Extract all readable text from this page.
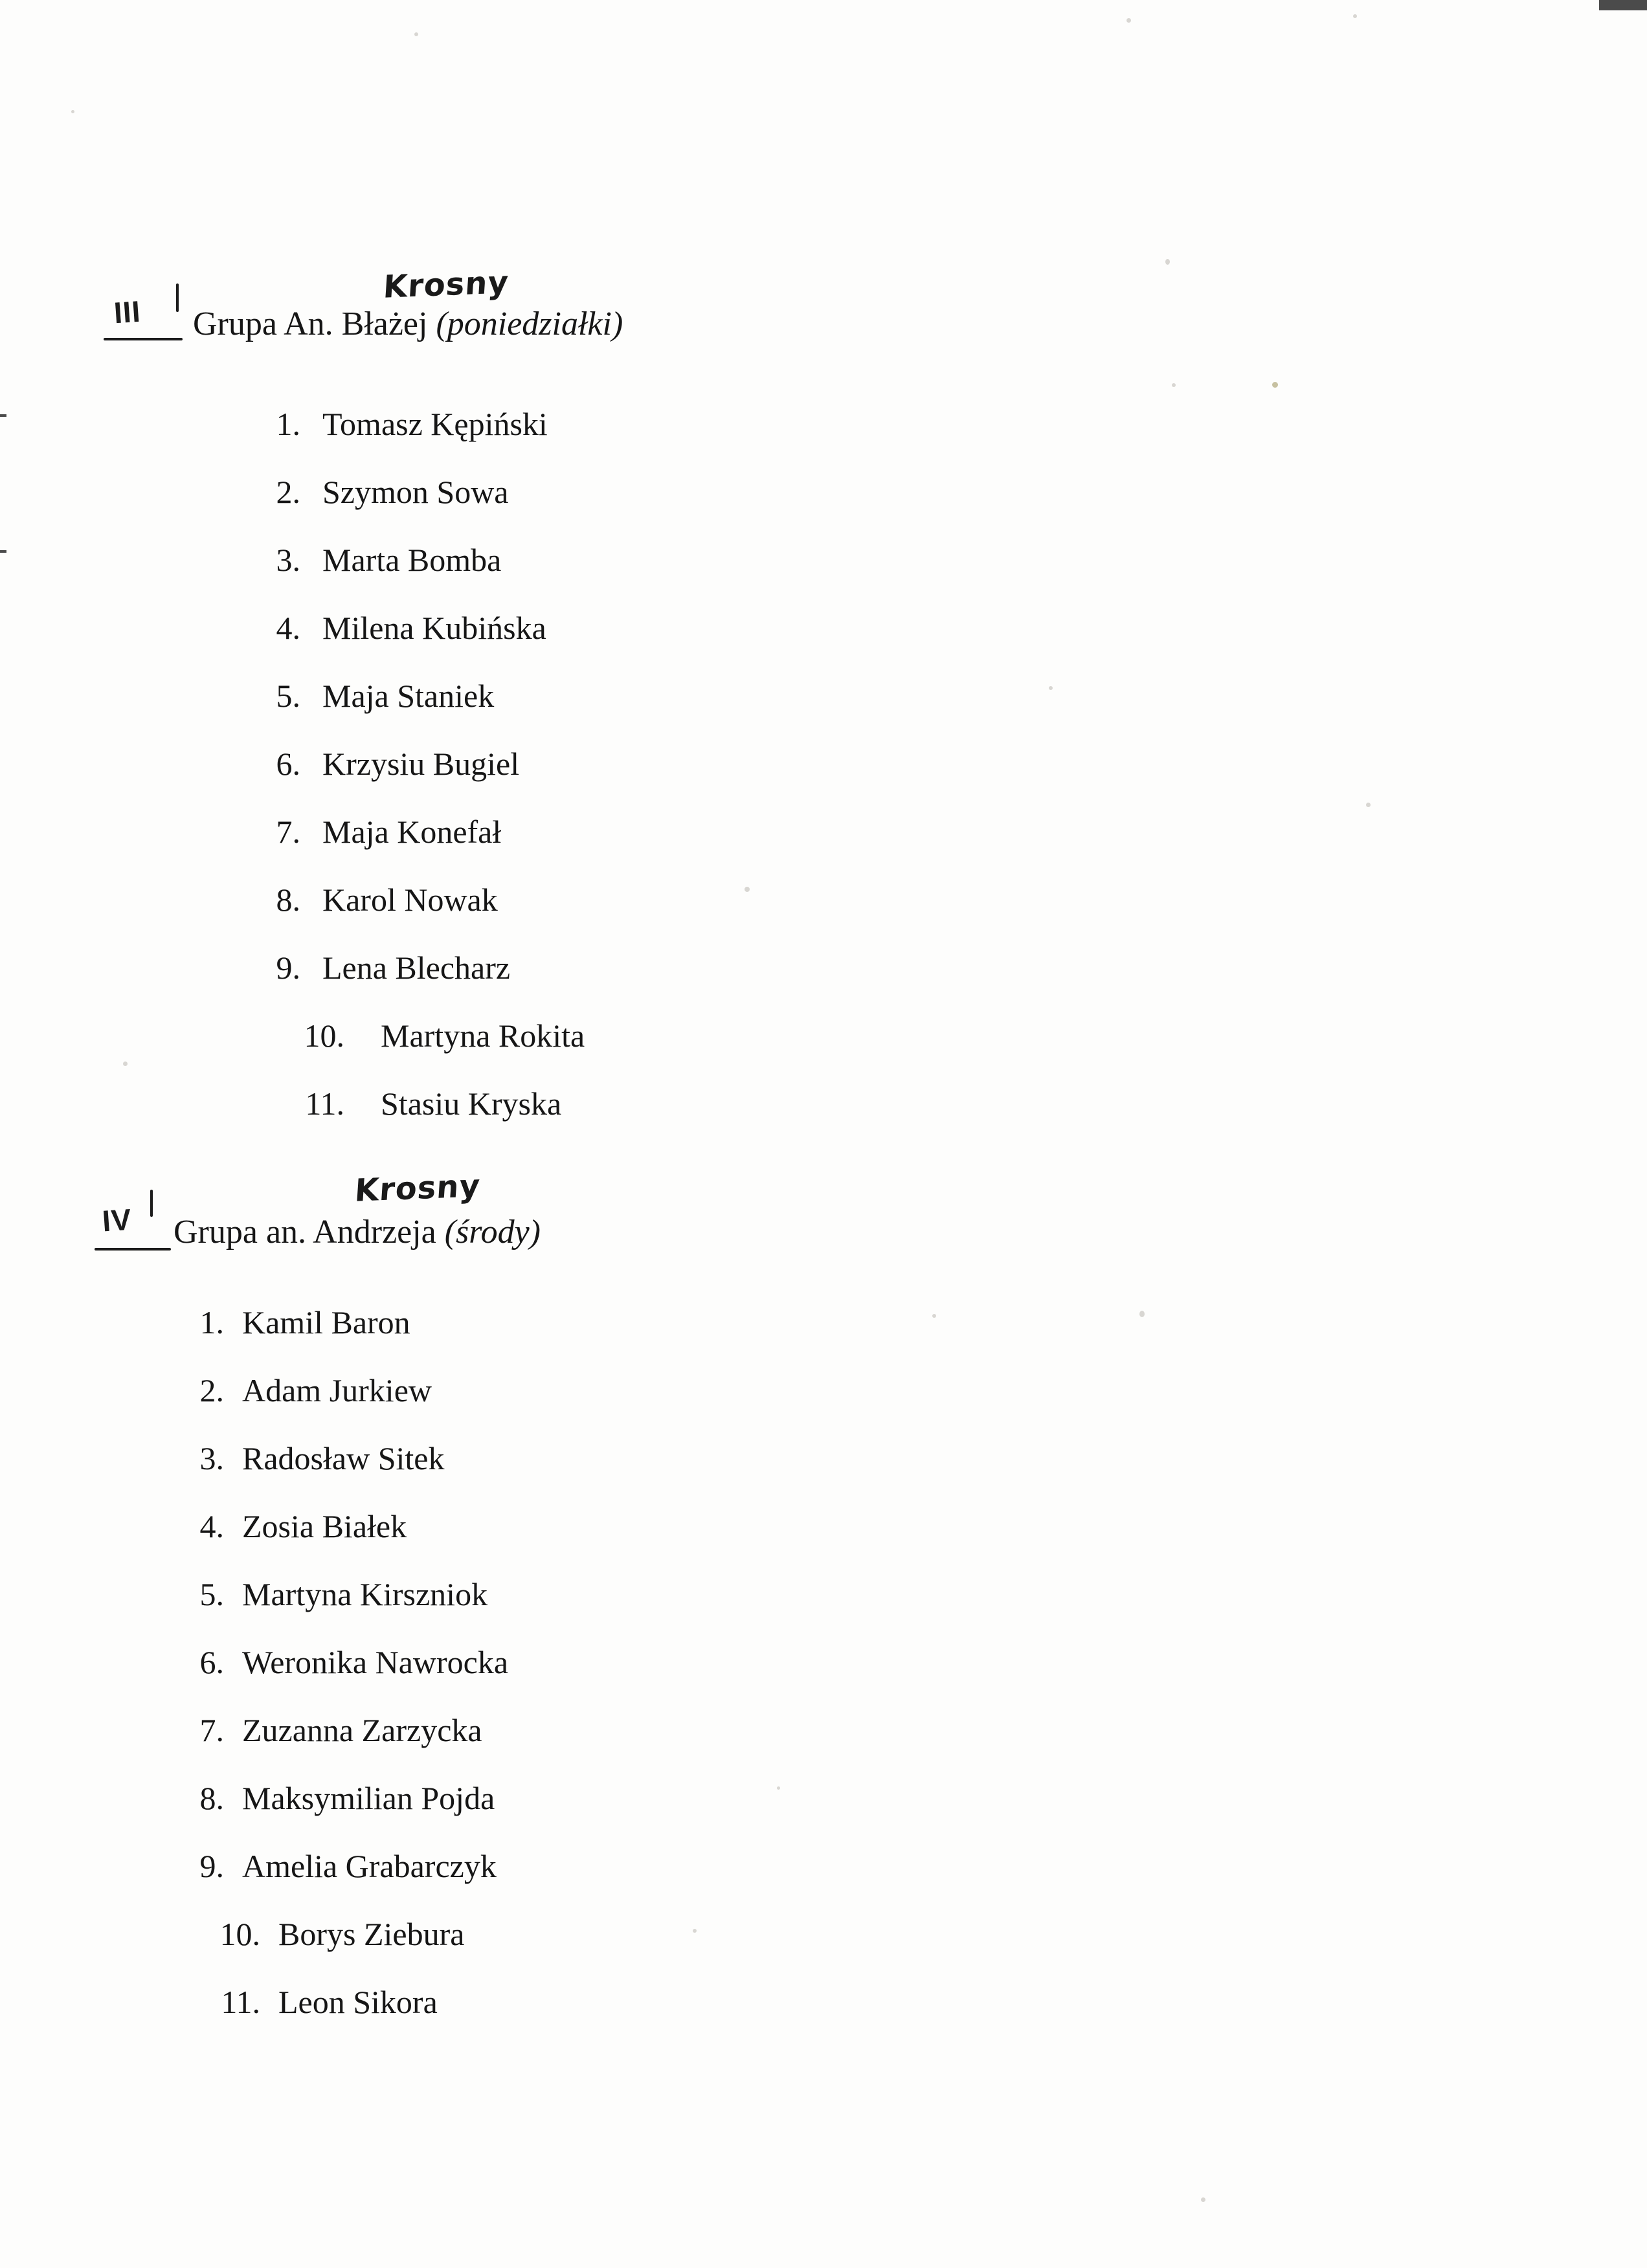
III
Krosny
Grupa An. Błażej (poniedziałki)
1. Tomasz Kępiński
2. Szymon Sowa
3. Marta Bomba
4. Milena Kubińska
5. Maja Staniek
6. Krzysiu Bugiel
7. Maja Konefał
8. Karol Nowak
9. Lena Blecharz
10. Martyna Rokita
11. Stasiu Kryska
IV
Krosny
Grupa an. Andrzeja (środy)
1. Kamil Baron
2. Adam Jurkiew
3. Radosław Sitek
4. Zosia Białek
5. Martyna Kirszniok
6. Weronika Nawrocka
7. Zuzanna Zarzycka
8. Maksymilian Pojda
9. Amelia Grabarczyk
10. Borys Ziebura
11. Leon Sikora
